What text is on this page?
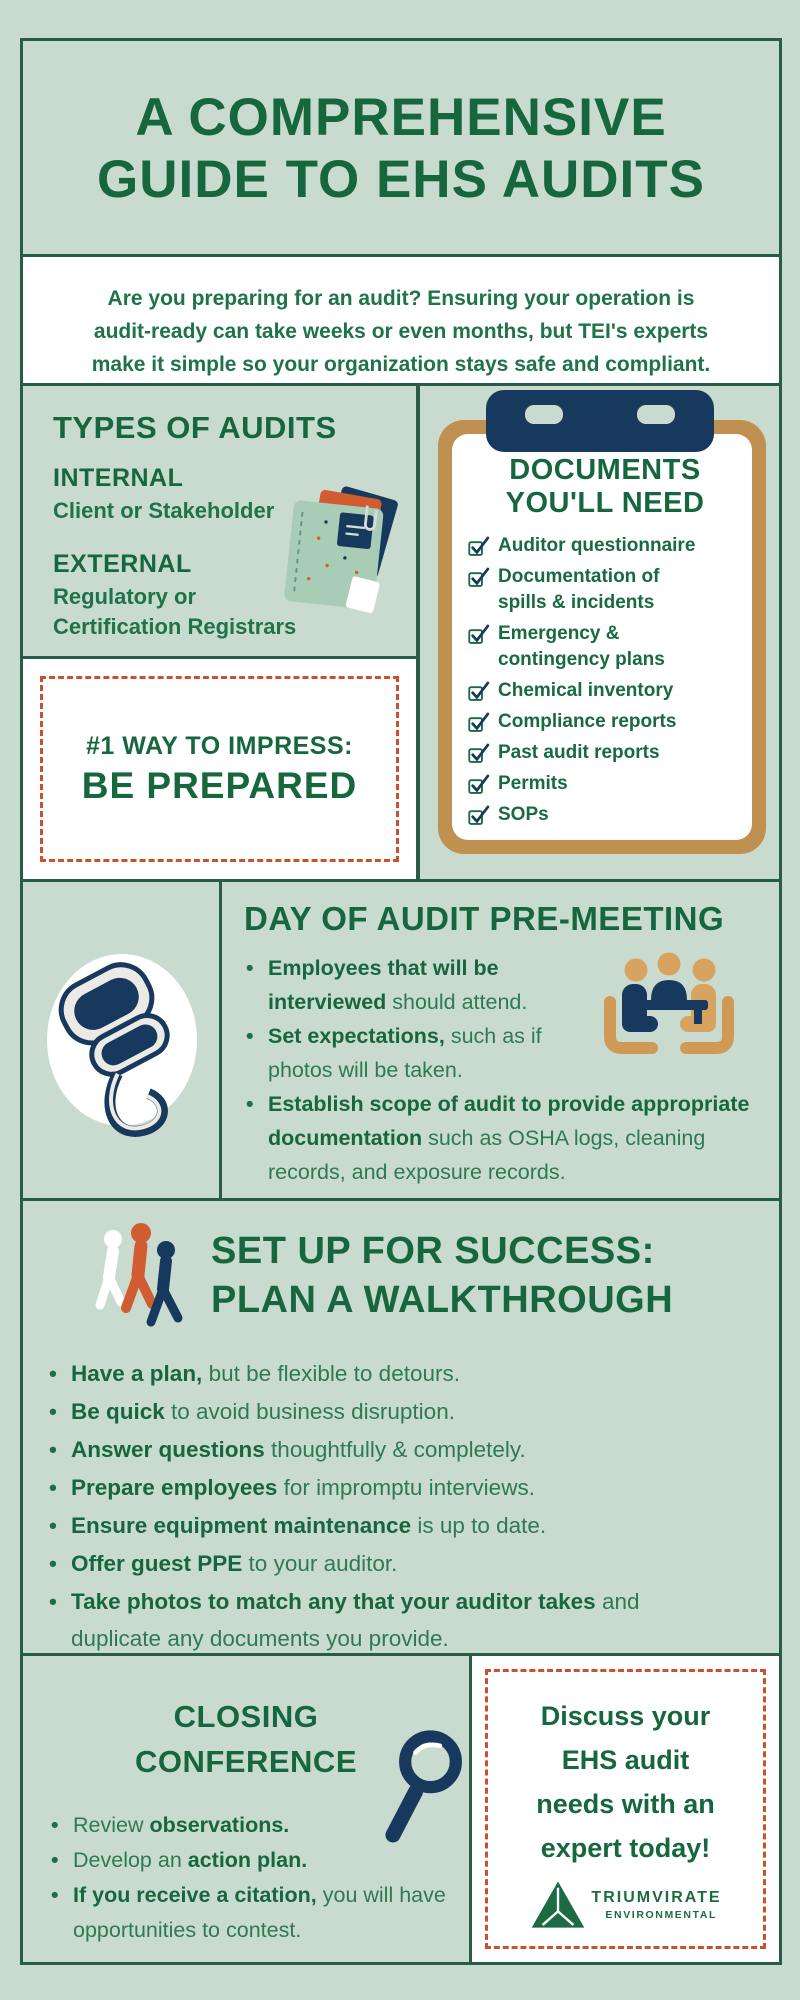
A COMPREHENSIVE
GUIDE TO EHS AUDITS
Are you preparing for an audit? Ensuring your operation is
audit-ready can take weeks or even months, but TEI's experts
make it simple so your organization stays safe and compliant.
TYPES OF AUDITS
INTERNAL
Client or Stakeholder
EXTERNAL
Regulatory or
Certification Registrars
#1 WAY TO IMPRESS:
BE PREPARED
DOCUMENTS
YOU'LL NEED
Auditor questionnaire
Documentation of
spills & incidents
Emergency &
contingency plans
Chemical inventory
Compliance reports
Past audit reports
Permits
SOPs
DAY OF AUDIT PRE-MEETING
• Employees that will be interviewed should attend.
• Set expectations, such as if photos will be taken.
• Establish scope of audit to provide appropriate documentation such as OSHA logs, cleaning records, and exposure records.
SET UP FOR SUCCESS:
PLAN A WALKTHROUGH
• Have a plan, but be flexible to detours.
• Be quick to avoid business disruption.
• Answer questions thoughtfully & completely.
• Prepare employees for impromptu interviews.
• Ensure equipment maintenance is up to date.
• Offer guest PPE to your auditor.
• Take photos to match any that your auditor takes and duplicate any documents you provide.
CLOSING
CONFERENCE
• Review observations.
• Develop an action plan.
• If you receive a citation, you will have opportunities to contest.
Discuss your
EHS audit
needs with an
expert today!
TRIUMVIRATE
ENVIRONMENTAL
